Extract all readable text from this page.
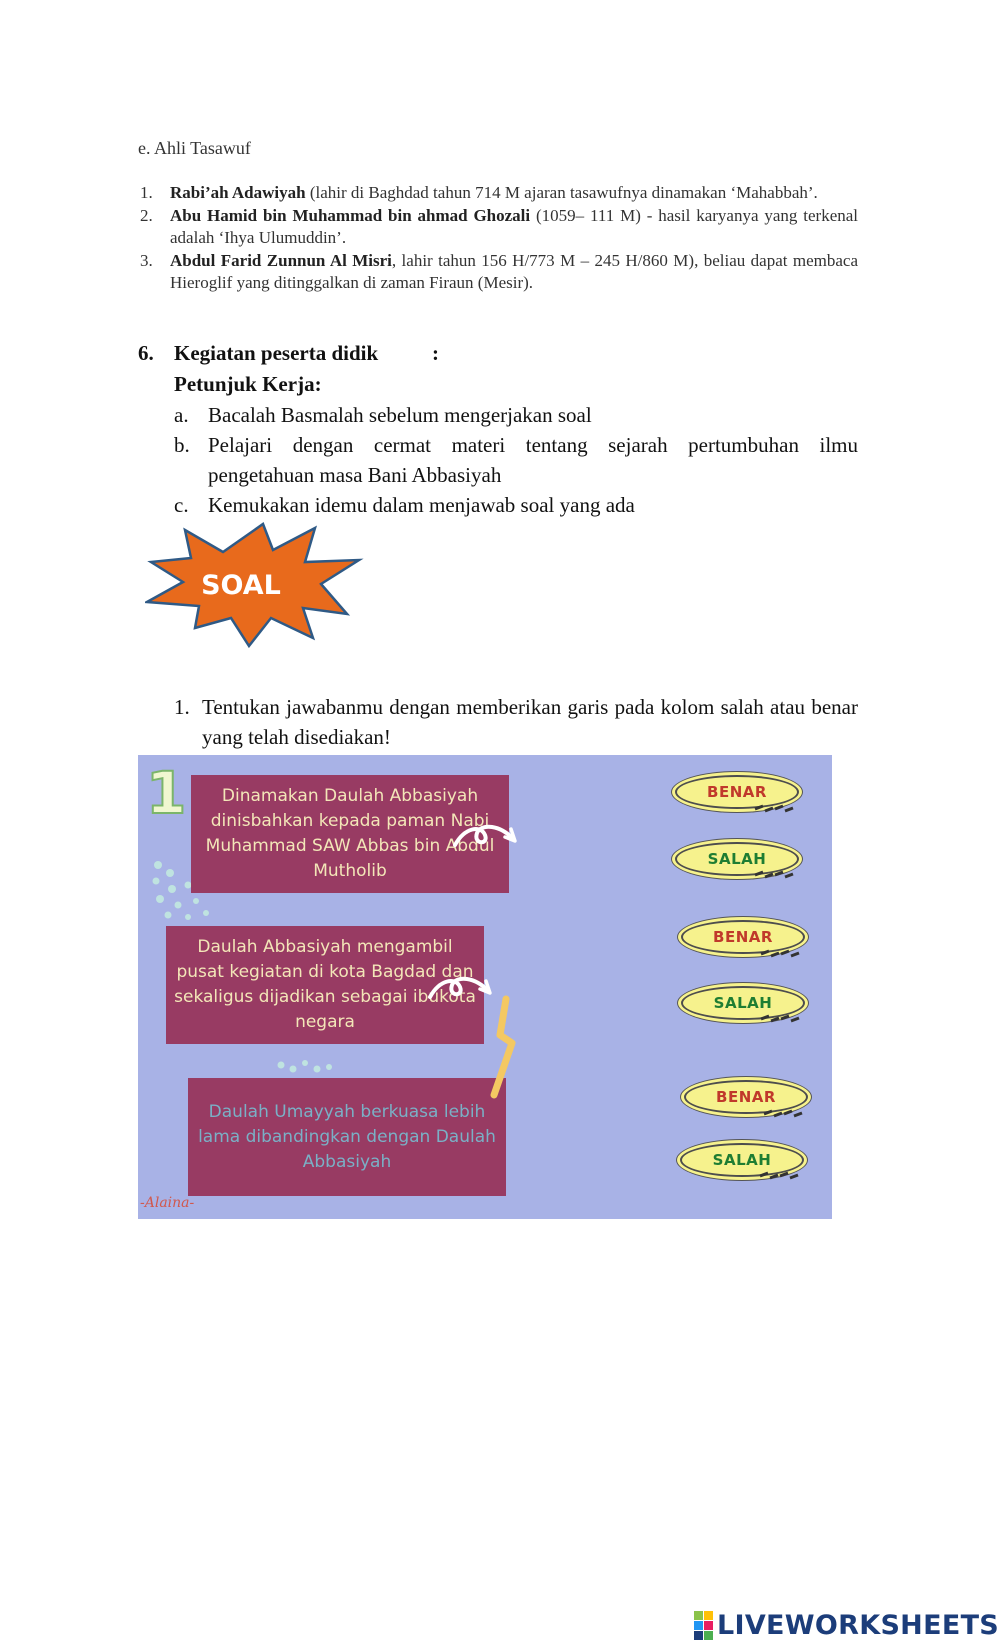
e. Ahli Tasawuf
1. Rabi’ah Adawiyah (lahir di Baghdad tahun 714 M ajaran tasawufnya dinamakan ‘Mahabbah’.
2. Abu Hamid bin Muhammad bin ahmad Ghozali (1059– 111 M) - hasil karyanya yang terkenal adalah ‘Ihya Ulumuddin’.
3. Abdul Farid Zunnun Al Misri, lahir tahun 156 H/773 M – 245 H/860 M), beliau dapat membaca Hieroglif yang ditinggalkan di zaman Firaun (Mesir).
6. Kegiatan peserta didik	:
Petunjuk Kerja:
a. Bacalah Basmalah sebelum mengerjakan soal
b. Pelajari dengan cermat materi tentang sejarah pertumbuhan ilmu
pengetahuan masa Bani Abbasiyah
c. Kemukakan idemu dalam menjawab soal yang ada
SOAL
1. Tentukan jawabanmu dengan memberikan garis pada kolom salah atau benar yang telah disediakan!
1	Dinamakan Daulah Abbasiyah dinisbahkan kepada paman Nabi Muhammad SAW Abbas bin Abdul Mutholib
Daulah Abbasiyah mengambil pusat kegiatan di kota Bagdad dan sekaligus dijadikan sebagai ibukota negara
Daulah Umayyah berkuasa lebih lama dibandingkan dengan Daulah Abbasiyah
BENAR
SALAH
BENAR
SALAH
BENAR
SALAH
-Alaina-
LIVEWORKSHEETS
